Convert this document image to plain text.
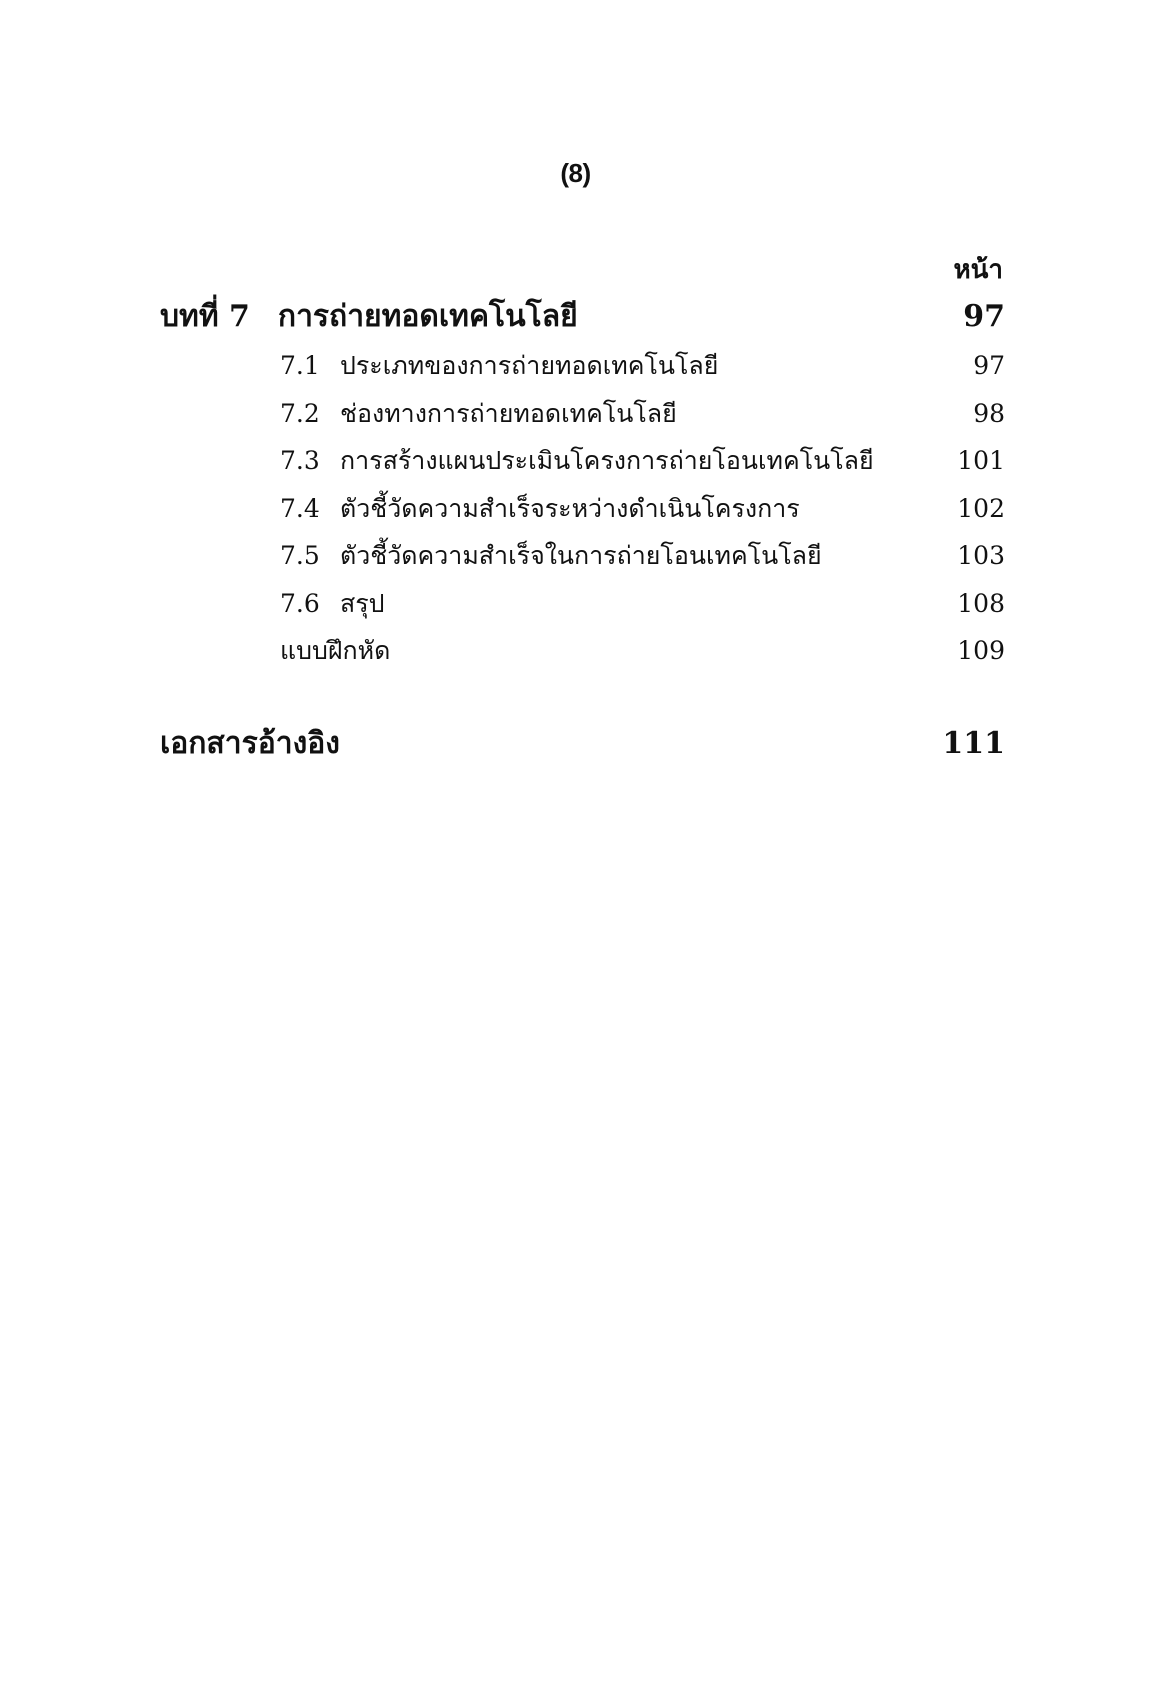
(8)
หน้า
บทที่ 7 การถ่ายทอดเทคโนโลยี	97
7.1 ประเภทของการถ่ายทอดเทคโนโลยี	97
7.2 ช่องทางการถ่ายทอดเทคโนโลยี	98
7.3 การสร้างแผนประเมินโครงการถ่ายโอนเทคโนโลยี	101
7.4 ตัวชี้วัดความสำเร็จระหว่างดำเนินโครงการ	102
7.5 ตัวชี้วัดความสำเร็จในการถ่ายโอนเทคโนโลยี	103
7.6 สรุป	108
แบบฝึกหัด	109
เอกสารอ้างอิง	111
